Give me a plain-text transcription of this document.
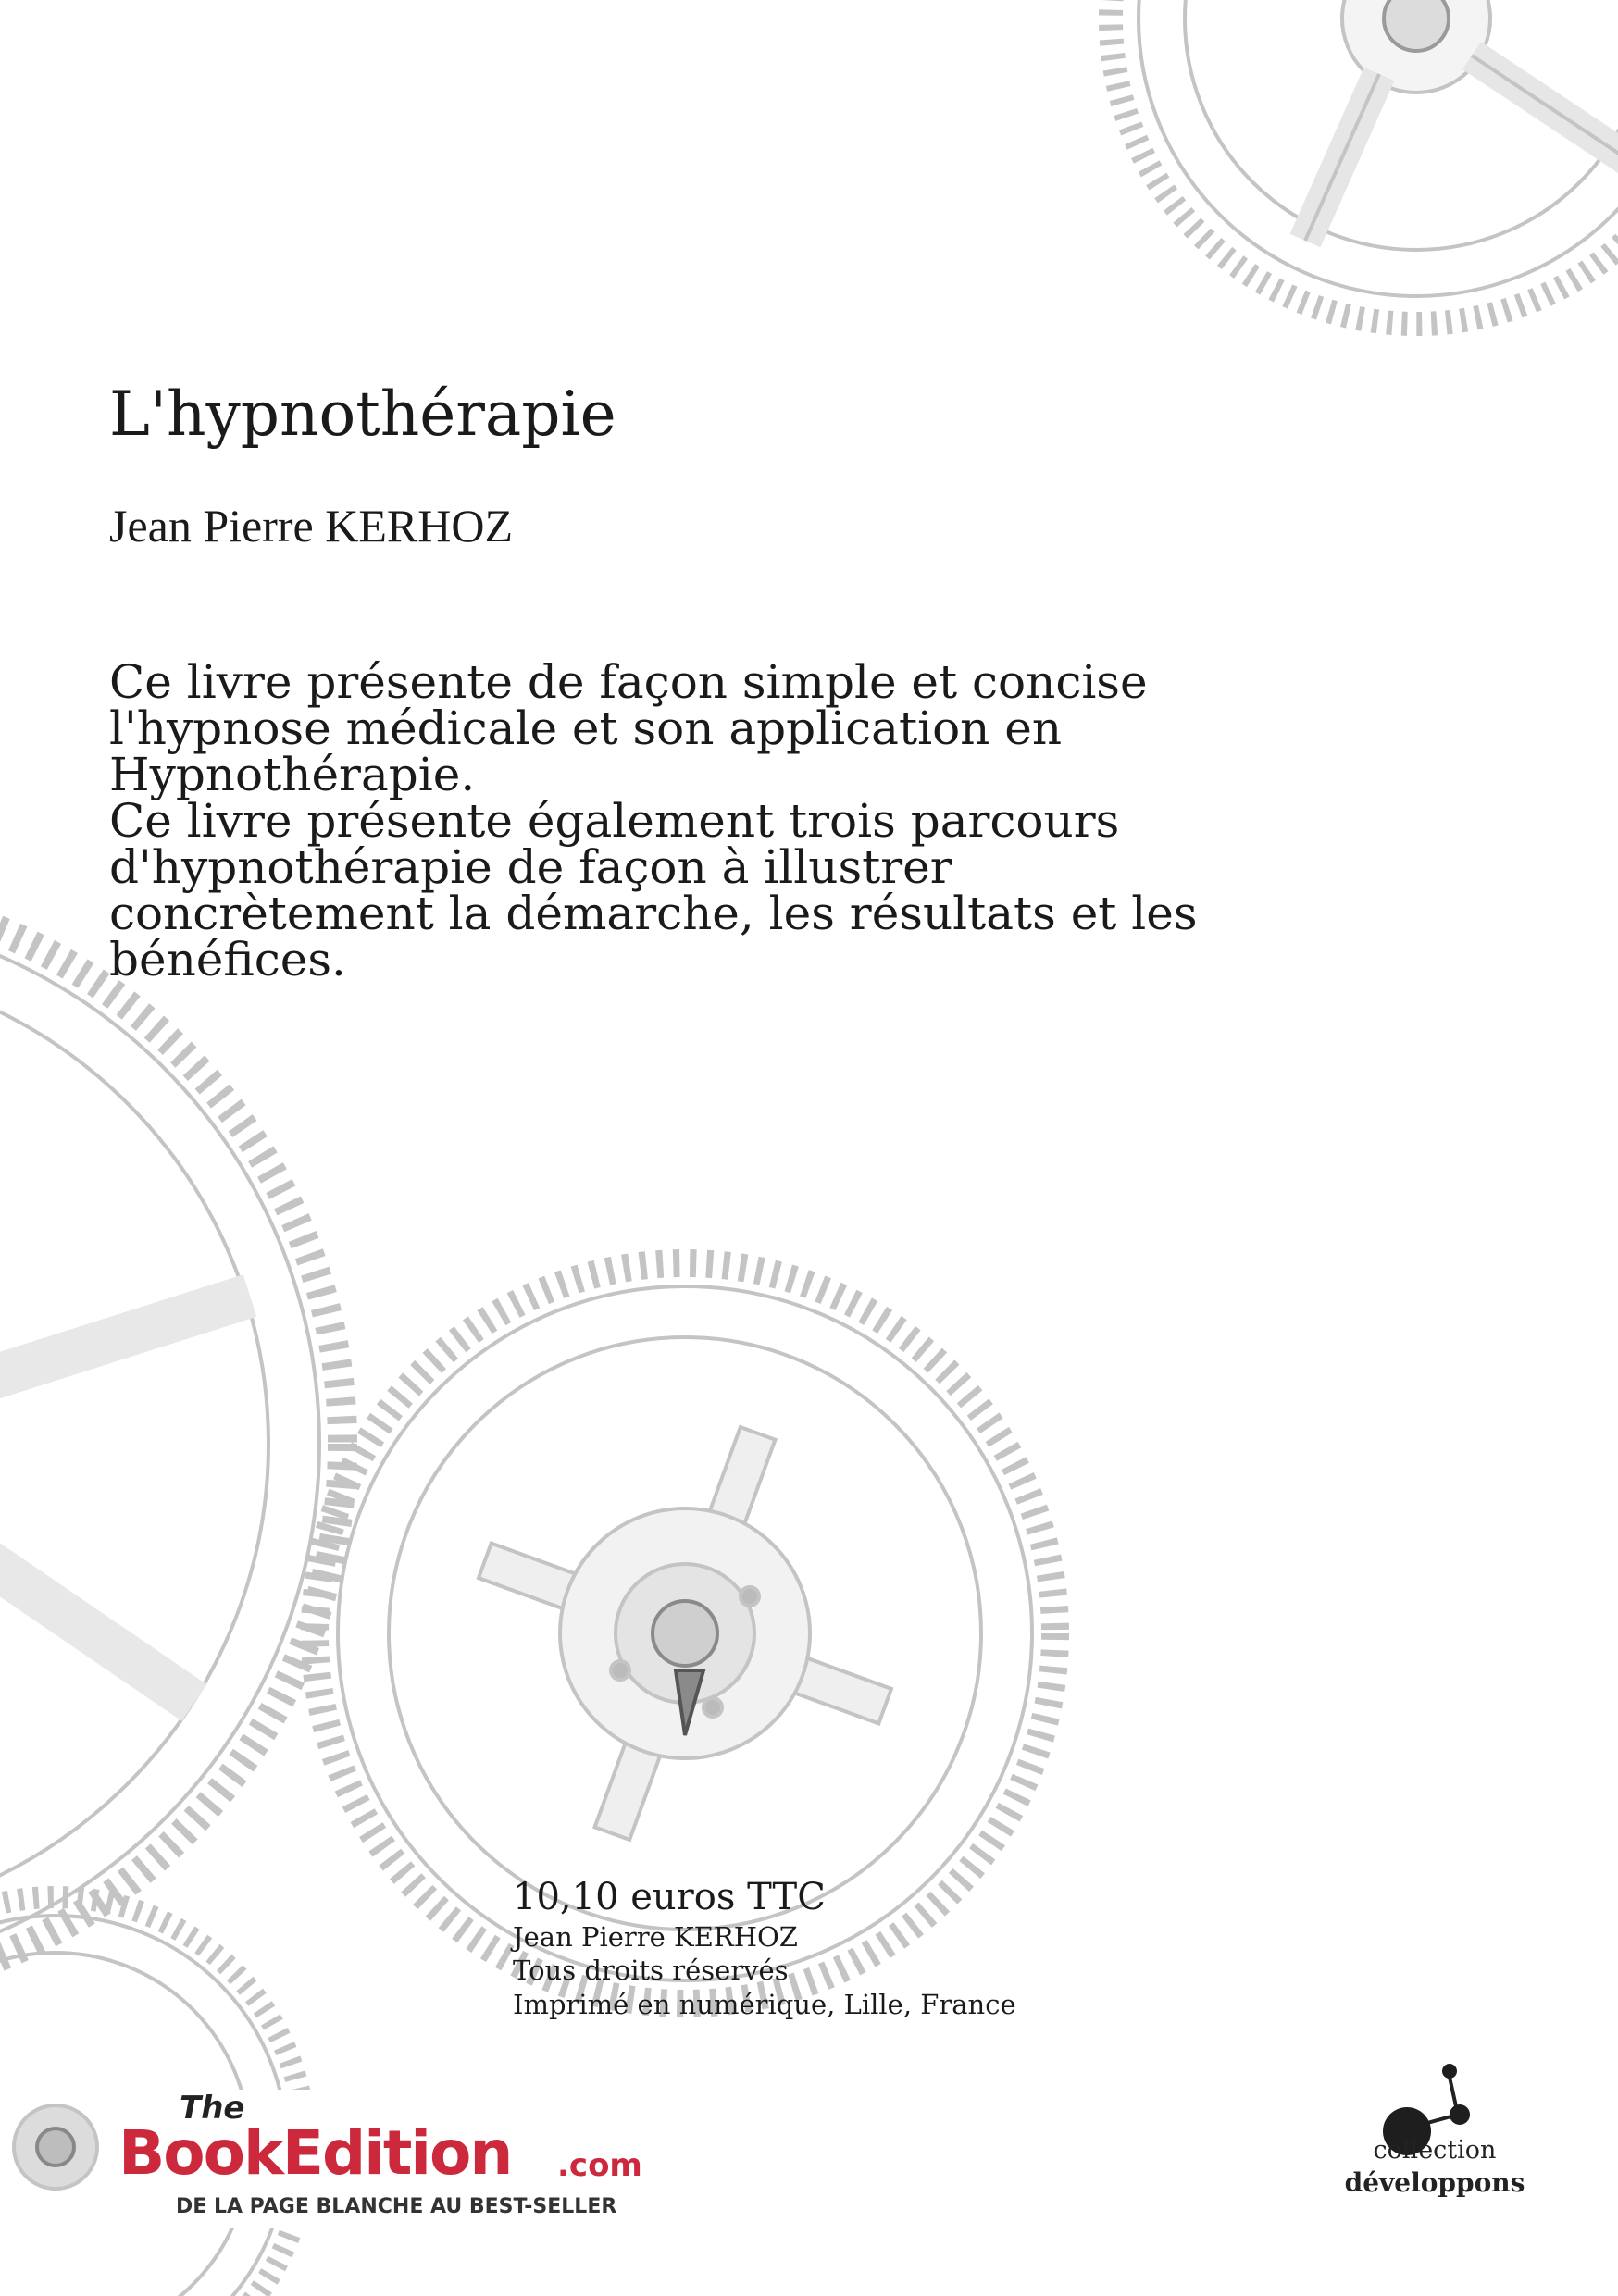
L'hypnothérapie
Jean Pierre KERHOZ

Ce livre présente de façon simple et concise l'hypnose médicale et son application en Hypnothérapie.

Ce livre présente également trois parcours d'hypnothérapie de façon à illustrer concrètement la démarche, les résultats et les bénéfices.

10,10 euros TTC
Jean Pierre KERHOZ
Tous droits réservés
Imprimé en numérique, Lille, France
The
BookEdition .com
DE LA PAGE BLANCHE AU BEST-SELLER
collection
développons
